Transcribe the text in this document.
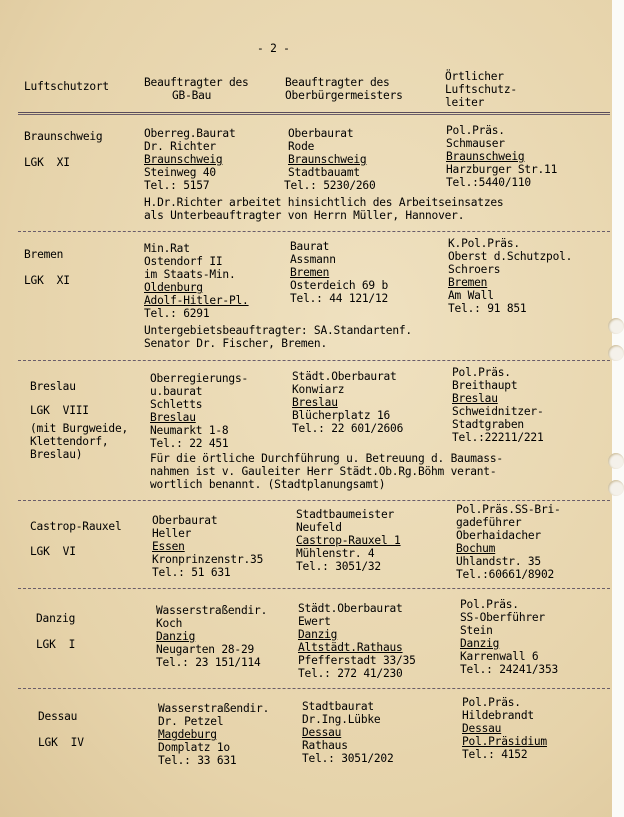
- 2 -
Luftschutzort	Beauftragter des
GB-Bau
Beauftragter des
Oberbürgermeisters
Örtlicher
Luftschutz-
leiter
Braunschweig
LGK  XI
Oberreg.Baurat
Dr. Richter
Braunschweig
Steinweg 40
Tel.: 5157
Oberbaurat
Rode
Braunschweig
Stadtbauamt
Tel.: 5230/260
Pol.Präs.
Schmauser
Braunschweig
Harzburger Str.11
Tel.:5440/110
H.Dr.Richter arbeitet hinsichtlich des Arbeitseinsatzes
als Unterbeauftragter von Herrn Müller, Hannover.
Bremen
LGK  XI
Min.Rat
Ostendorf II
im Staats-Min.
Oldenburg
Adolf-Hitler-Pl.
Tel.: 6291
Baurat
Assmann
Bremen
Osterdeich 69 b
Tel.: 44 121/12
K.Pol.Präs.
Oberst d.Schutzpol.
Schroers
Bremen
Am Wall
Tel.: 91 851
Untergebietsbeauftragter: SA.Standartenf.
Senator Dr. Fischer, Bremen.
Breslau
LGK  VIII
(mit Burgweide,
Klettendorf,
Breslau)
Oberregierungs-
u.baurat
Schletts
Breslau
Neumarkt 1-8
Tel.: 22 451
Städt.Oberbaurat
Konwiarz
Breslau
Blücherplatz 16
Tel.: 22 601/2606
Pol.Präs.
Breithaupt
Breslau
Schweidnitzer-
Stadtgraben
Tel.:22211/221
Für die örtliche Durchführung u. Betreuung d. Baumass-
nahmen ist v. Gauleiter Herr Städt.Ob.Rg.Böhm verant-
wortlich benannt. (Stadtplanungsamt)
Castrop-Rauxel
LGK  VI
Oberbaurat
Heller
Essen
Kronprinzenstr.35
Tel.: 51 631
Stadtbaumeister
Neufeld
Castrop-Rauxel 1
Mühlenstr. 4
Tel.: 3051/32
Pol.Präs.SS-Bri-
gadeführer
Oberhaidacher
Bochum
Uhlandstr. 35
Tel.:60661/8902
Danzig
LGK  I
Wasserstraßendir.
Koch
Danzig
Neugarten 28-29
Tel.: 23 151/114
Städt.Oberbaurat
Ewert
Danzig
Altstädt.Rathaus
Pfefferstadt 33/35
Tel.: 272 41/230
Pol.Präs.
SS-Oberführer
Stein
Danzig
Karrenwall 6
Tel.: 24241/353
Dessau
LGK  IV
Wasserstraßendir.
Dr. Petzel
Magdeburg
Domplatz 1o
Tel.: 33 631
Stadtbaurat
Dr.Ing.Lübke
Dessau
Rathaus
Tel.: 3051/202
Pol.Präs.
Hildebrandt
Dessau
Pol.Präsidium
Tel.: 4152
